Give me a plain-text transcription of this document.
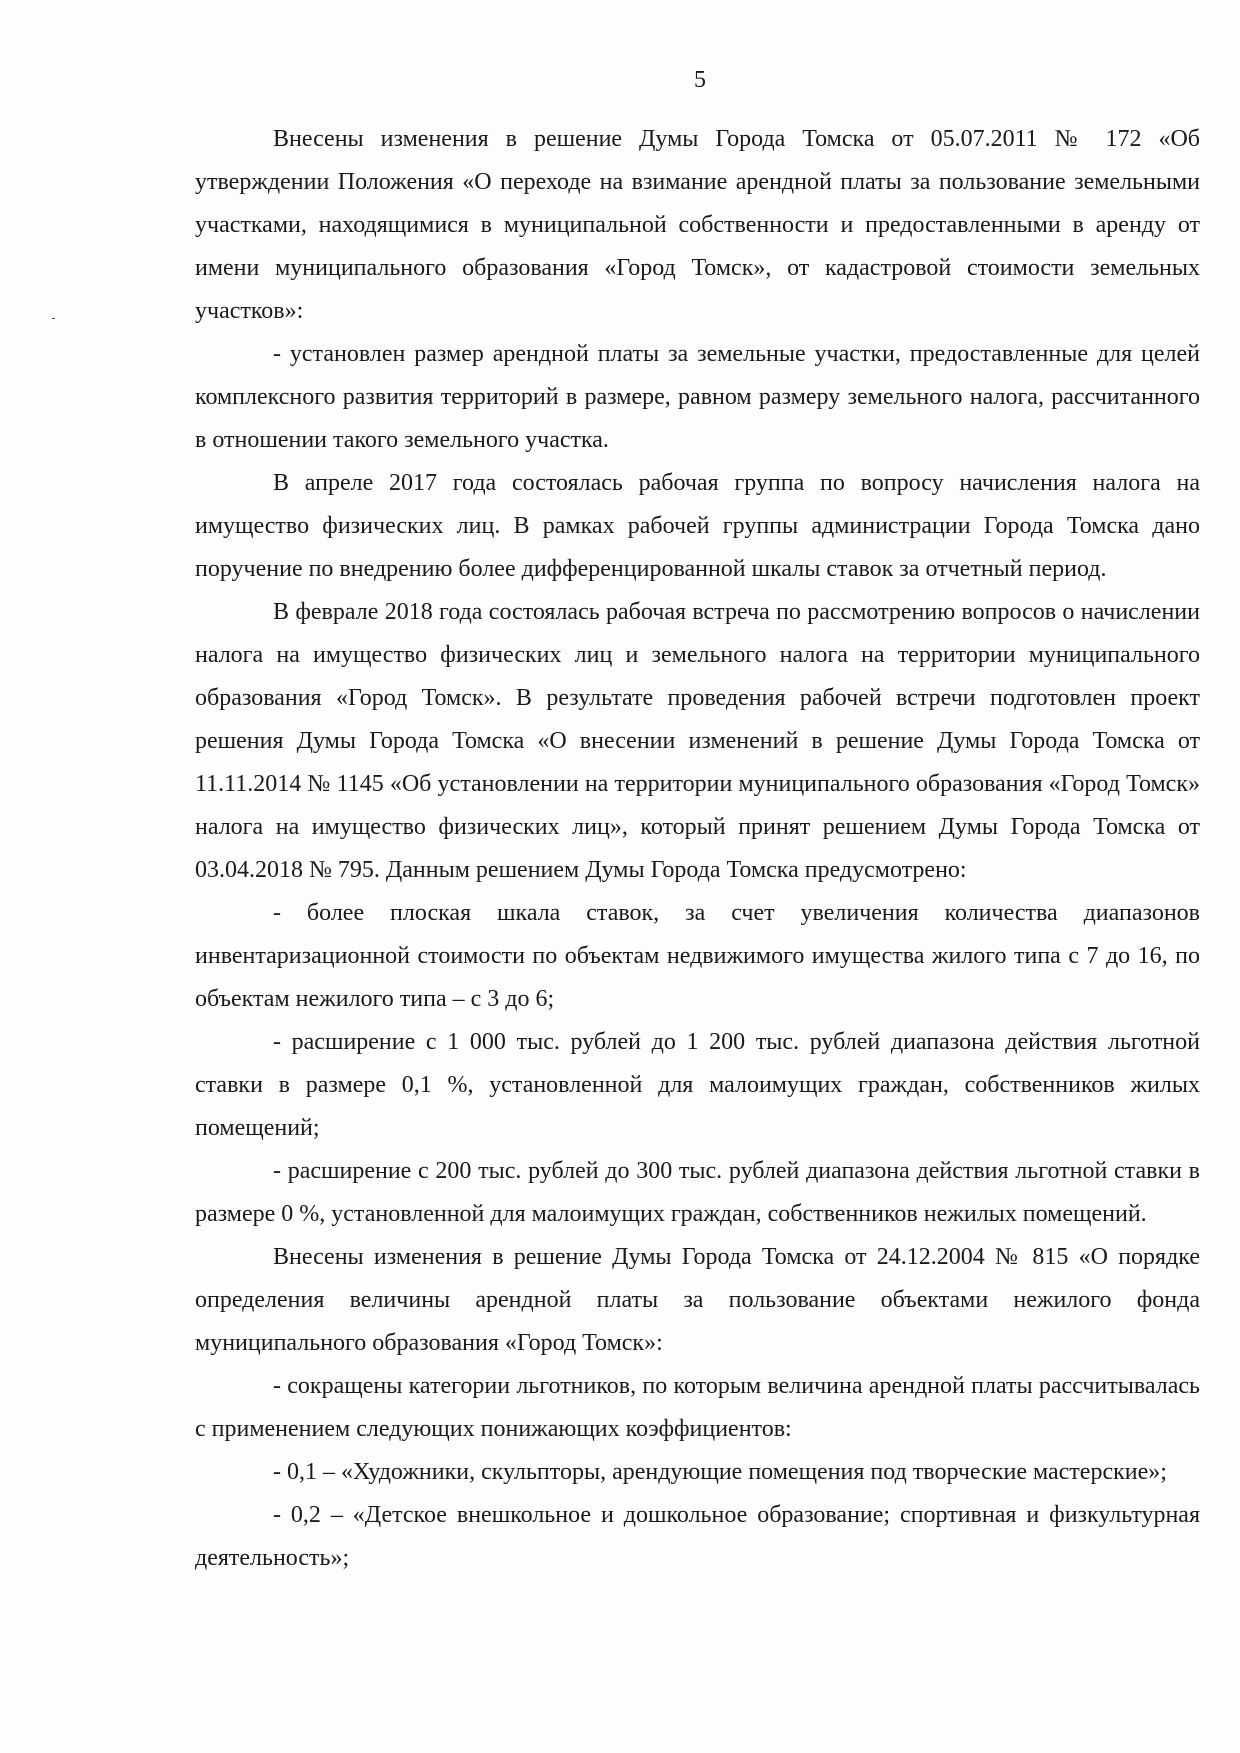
5

Внесены изменения в решение Думы Города Томска от 05.07.2011 № 172 «Об утверждении Положения «О переходе на взимание арендной платы за пользование земельными участками, находящимися в муниципальной собственности и предоставленными в аренду от имени муниципального образования «Город Томск», от кадастровой стоимости земельных участков»:

- установлен размер арендной платы за земельные участки, предоставленные для целей комплексного развития территорий в размере, равном размеру земельного налога, рассчитанного в отношении такого земельного участка.

В апреле 2017 года состоялась рабочая группа по вопросу начисления налога на имущество физических лиц. В рамках рабочей группы администрации Города Томска дано поручение по внедрению более дифференцированной шкалы ставок за отчетный период.

В феврале 2018 года состоялась рабочая встреча по рассмотрению вопросов о начислении налога на имущество физических лиц и земельного налога на территории муниципального образования «Город Томск». В результате проведения рабочей встречи подготовлен проект решения Думы Города Томска «О внесении изменений в решение Думы Города Томска от 11.11.2014 № 1145 «Об установлении на территории муниципального образования «Город Томск» налога на имущество физических лиц», который принят решением Думы Города Томска от 03.04.2018 № 795. Данным решением Думы Города Томска предусмотрено:

- более плоская шкала ставок, за счет увеличения количества диапазонов инвентаризационной стоимости по объектам недвижимого имущества жилого типа с 7 до 16, по объектам нежилого типа – с 3 до 6;

- расширение с 1 000 тыс. рублей до 1 200 тыс. рублей диапазона действия льготной ставки в размере 0,1 %, установленной для малоимущих граждан, собственников жилых помещений;

- расширение с 200 тыс. рублей до 300 тыс. рублей диапазона действия льготной ставки в размере 0 %, установленной для малоимущих граждан, собственников нежилых помещений.

Внесены изменения в решение Думы Города Томска от 24.12.2004 № 815 «О порядке определения величины арендной платы за пользование объектами нежилого фонда муниципального образования «Город Томск»:

- сокращены категории льготников, по которым величина арендной платы рассчитывалась с применением следующих понижающих коэффициентов:

- 0,1 – «Художники, скульпторы, арендующие помещения под творческие мастерские»;

- 0,2 – «Детское внешкольное и дошкольное образование; спортивная и физкультурная деятельность»;
